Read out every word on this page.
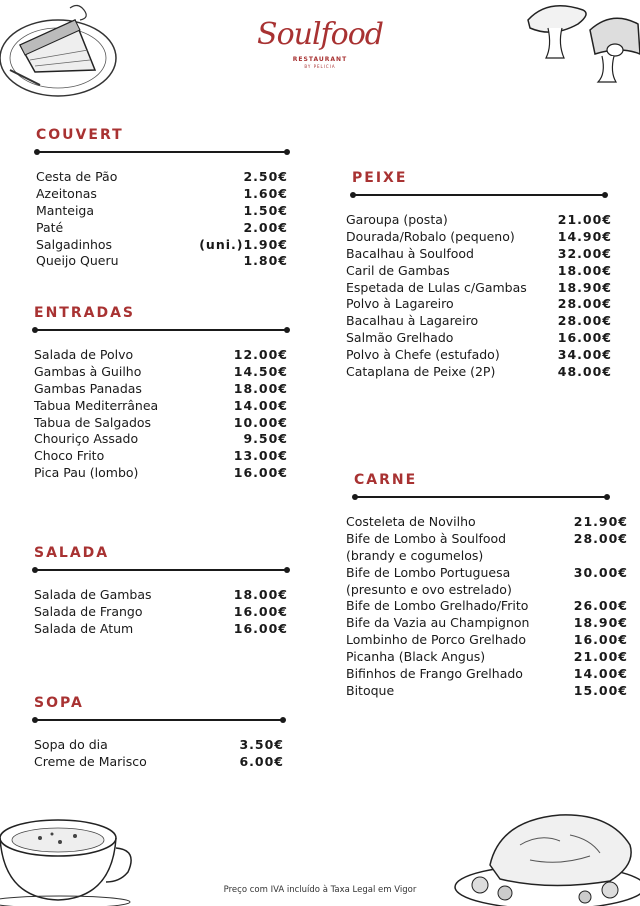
Soulfood
RESTAURANT
BY PELICIA
COUVERT
Cesta de Pão	2.50€
Azeitonas	1.60€
Manteiga	1.50€
Paté	2.00€
Salgadinhos	(uni.)1.90€
Queijo Queru	1.80€
ENTRADAS
Salada de Polvo	12.00€
Gambas à Guilho	14.50€
Gambas Panadas	18.00€
Tabua Mediterrânea	14.00€
Tabua de Salgados	10.00€
Chouriço Assado	9.50€
Choco Frito	13.00€
Pica Pau (lombo)	16.00€
SALADA
Salada de Gambas	18.00€
Salada de Frango	16.00€
Salada de Atum	16.00€
SOPA
Sopa do dia	3.50€
Creme de Marisco	6.00€
PEIXE
Garoupa (posta)	21.00€
Dourada/Robalo (pequeno)	14.90€
Bacalhau à Soulfood	32.00€
Caril de Gambas	18.00€
Espetada de Lulas c/Gambas 18.90€
Polvo à Lagareiro	28.00€
Bacalhau à Lagareiro	28.00€
Salmão Grelhado	16.00€
Polvo à Chefe (estufado)	34.00€
Cataplana de Peixe (2P)	48.00€
CARNE
Costeleta de Novilho	21.90€
Bife de Lombo à Soulfood	28.00€
(brandy e cogumelos)
Bife de Lombo Portuguesa	30.00€
(presunto e ovo estrelado)
Bife de Lombo Grelhado/Frito	26.00€
Bife da Vazia au Champignon	18.90€
Lombinho de Porco Grelhado	16.00€
Picanha (Black Angus)	21.00€
Bifinhos de Frango Grelhado	14.00€
Bitoque	15.00€
Preço com IVA incluído à Taxa Legal em Vigor
